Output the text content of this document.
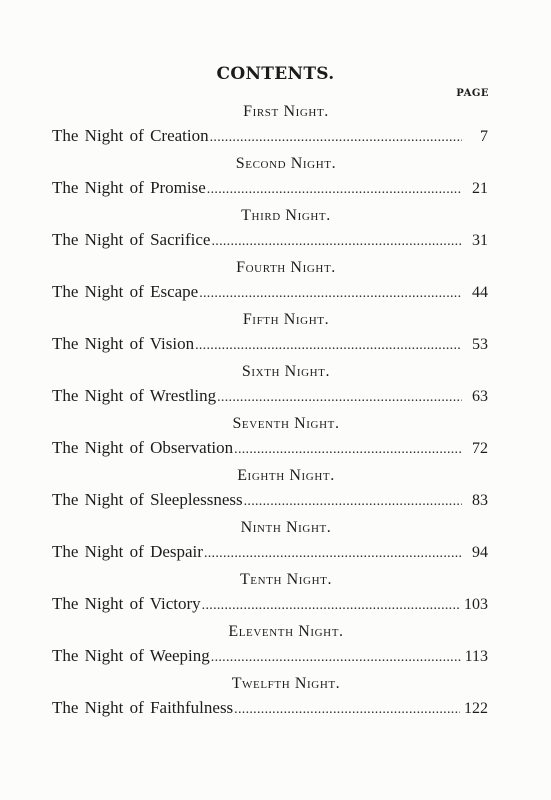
CONTENTS.
PAGE
First Night.
The Night of Creation . . .	7
Second Night.
The Night of Promise . . .	21
Third Night.
The Night of Sacrifice . . .	31
Fourth Night.
The Night of Escape . . .	44
Fifth Night.
The Night of Vision . . .	53
Sixth Night.
The Night of Wrestling . . .	63
Seventh Night.
The Night of Observation . . .	72
Eighth Night.
The Night of Sleeplessness . . .	83
Ninth Night.
The Night of Despair . . .	94
Tenth Night.
The Night of Victory . . .	103
Eleventh Night.
The Night of Weeping . . .	113
Twelfth Night.
The Night of Faithfulness . . .	122
